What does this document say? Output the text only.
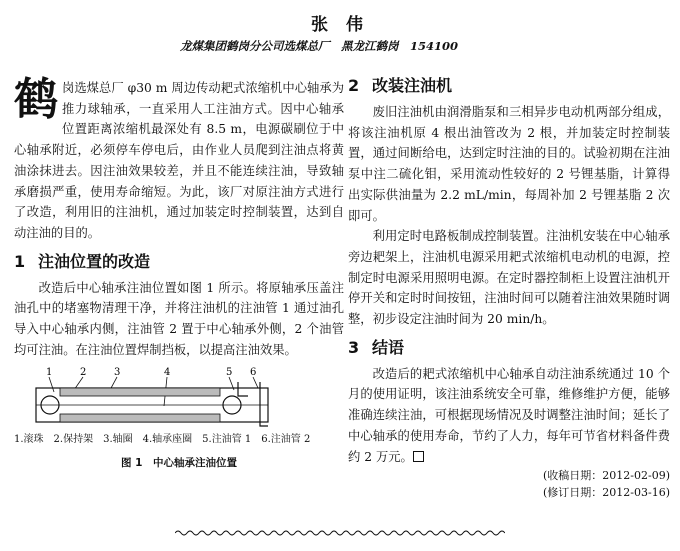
张 伟
龙煤集团鹤岗分公司选煤总厂　黑龙江鹤岗　154100

鹤岗选煤总厂 φ30 m 周边传动耙式浓缩机中心轴承为推力球轴承，一直采用人工注油方式。因中心轴承位置距离浓缩机最深处有 8.5 m，电源碳刷位于中心轴承附近，必须停车停电后，由作业人员爬到注油点将黄油涂抹进去。因注油效果较差，并且不能连续注油，导致轴承磨损严重，使用寿命缩短。为此，该厂对原注油方式进行了改造，利用旧的注油机，通过加装定时控制装置，达到自动注油的目的。

1 注油位置的改造

改造后中心轴承注油位置如图 1 所示。将原轴承压盖注油孔中的堵塞物清理干净，并将注油机的注油管 1 通过油孔导入中心轴承内侧，注油管 2 置于中心轴承外侧，2 个油管均可注油。在注油位置焊制挡板，以提高注油效果。

1	2	3	4	5 6
1.滚珠　2.保持架　3.轴圈　4.轴承座圈　5.注油管 1　6.注油管 2
图 1　中心轴承注油位置
2 改装注油机

废旧注油机由润滑脂泵和三相异步电动机两部分组成，将该注油机原 4 根出油管改为 2 根，并加装定时控制装置，通过间断给电，达到定时注油的目的。试验初期在注油泵中注二硫化钼，采用流动性较好的 2 号锂基脂，计算得出实际供油量为 2.2 mL/min，每周补加 2 号锂基脂 2 次即可。

利用定时电路板制成控制装置。注油机安装在中心轴承旁边耙架上，注油机电源采用耙式浓缩机电动机的电源，控制定时电源采用照明电源。在定时器控制柜上设置注油机开停开关和定时时间按钮，注油时间可以随着注油效果随时调整，初步设定注油时间为 20 min/h。

3 结语

改造后的耙式浓缩机中心轴承自动注油系统通过 10 个月的使用证明，该注油系统安全可靠，维修维护方便，能够准确连续注油，可根据现场情况及时调整注油时间；延长了中心轴承的使用寿命，节约了人力，每年可节省材料备件费约 2 万元。

(收稿日期：2012-02-09)
(修订日期：2012-03-16)
